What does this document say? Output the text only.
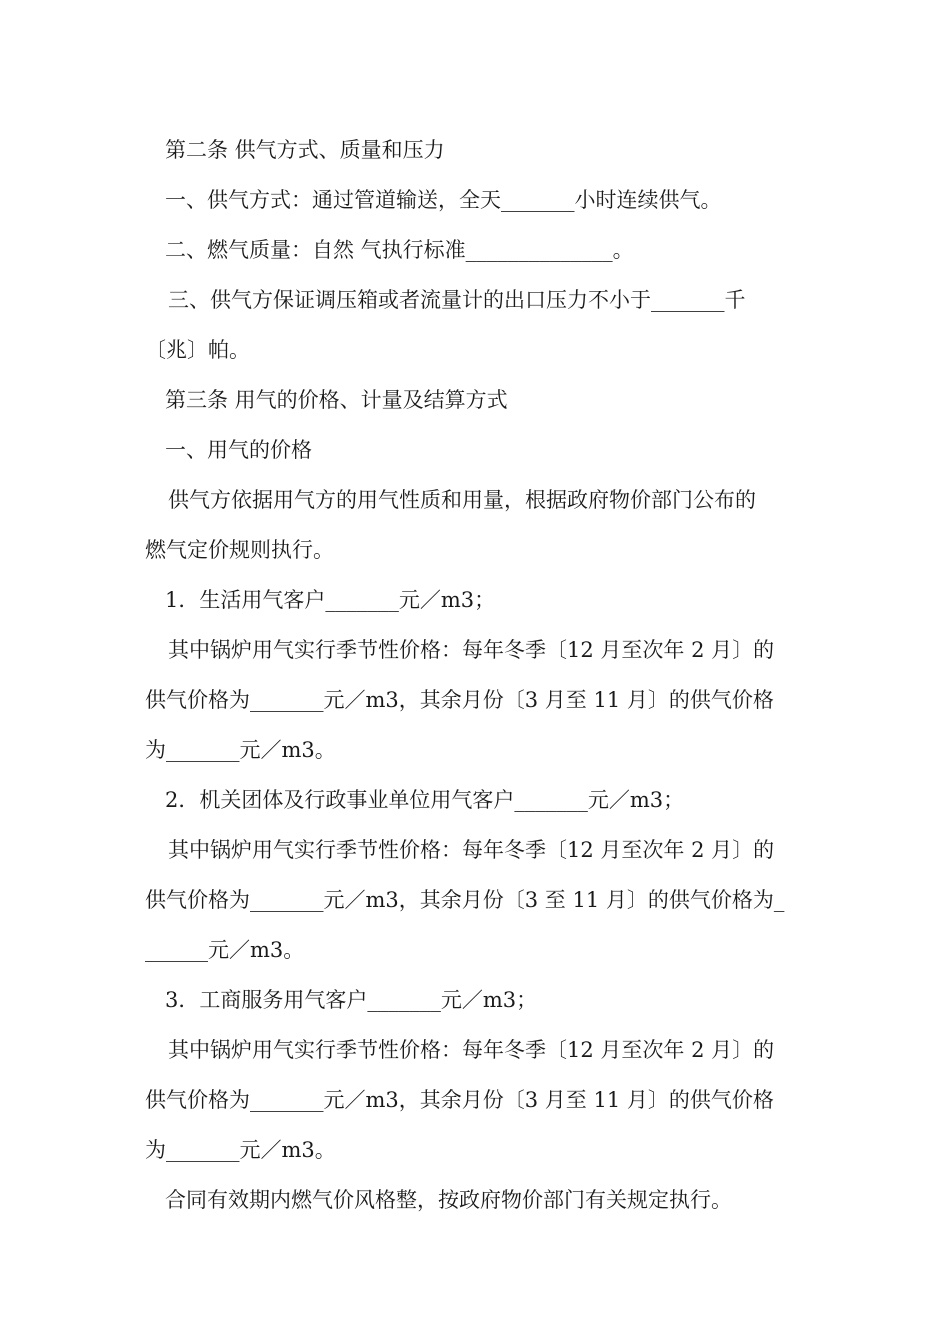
第二条 供气方式、质量和压力
一、供气方式：通过管道输送，全天_______小时连续供气。
二、燃气质量：自然 气执行标准______________。
三、供气方保证调压箱或者流量计的出口压力不小于_______千
〔兆〕帕。
第三条 用气的价格、计量及结算方式
一、用气的价格
供气方依据用气方的用气性质和用量，根据政府物价部门公布的
燃气定价规则执行。
1．生活用气客户_______元／m3；
其中锅炉用气实行季节性价格：每年冬季〔12 月至次年 2 月〕的
供气价格为_______元／m3，其余月份〔3 月至 11 月〕的供气价格
为_______元／m3。
2．机关团体及行政事业单位用气客户_______元／m3；
其中锅炉用气实行季节性价格：每年冬季〔12 月至次年 2 月〕的
供气价格为_______元／m3，其余月份〔3 至 11 月〕的供气价格为_
______元／m3。
3．工商服务用气客户_______元／m3；
其中锅炉用气实行季节性价格：每年冬季〔12 月至次年 2 月〕的
供气价格为_______元／m3，其余月份〔3 月至 11 月〕的供气价格
为_______元／m3。
合同有效期内燃气价风格整，按政府物价部门有关规定执行。
